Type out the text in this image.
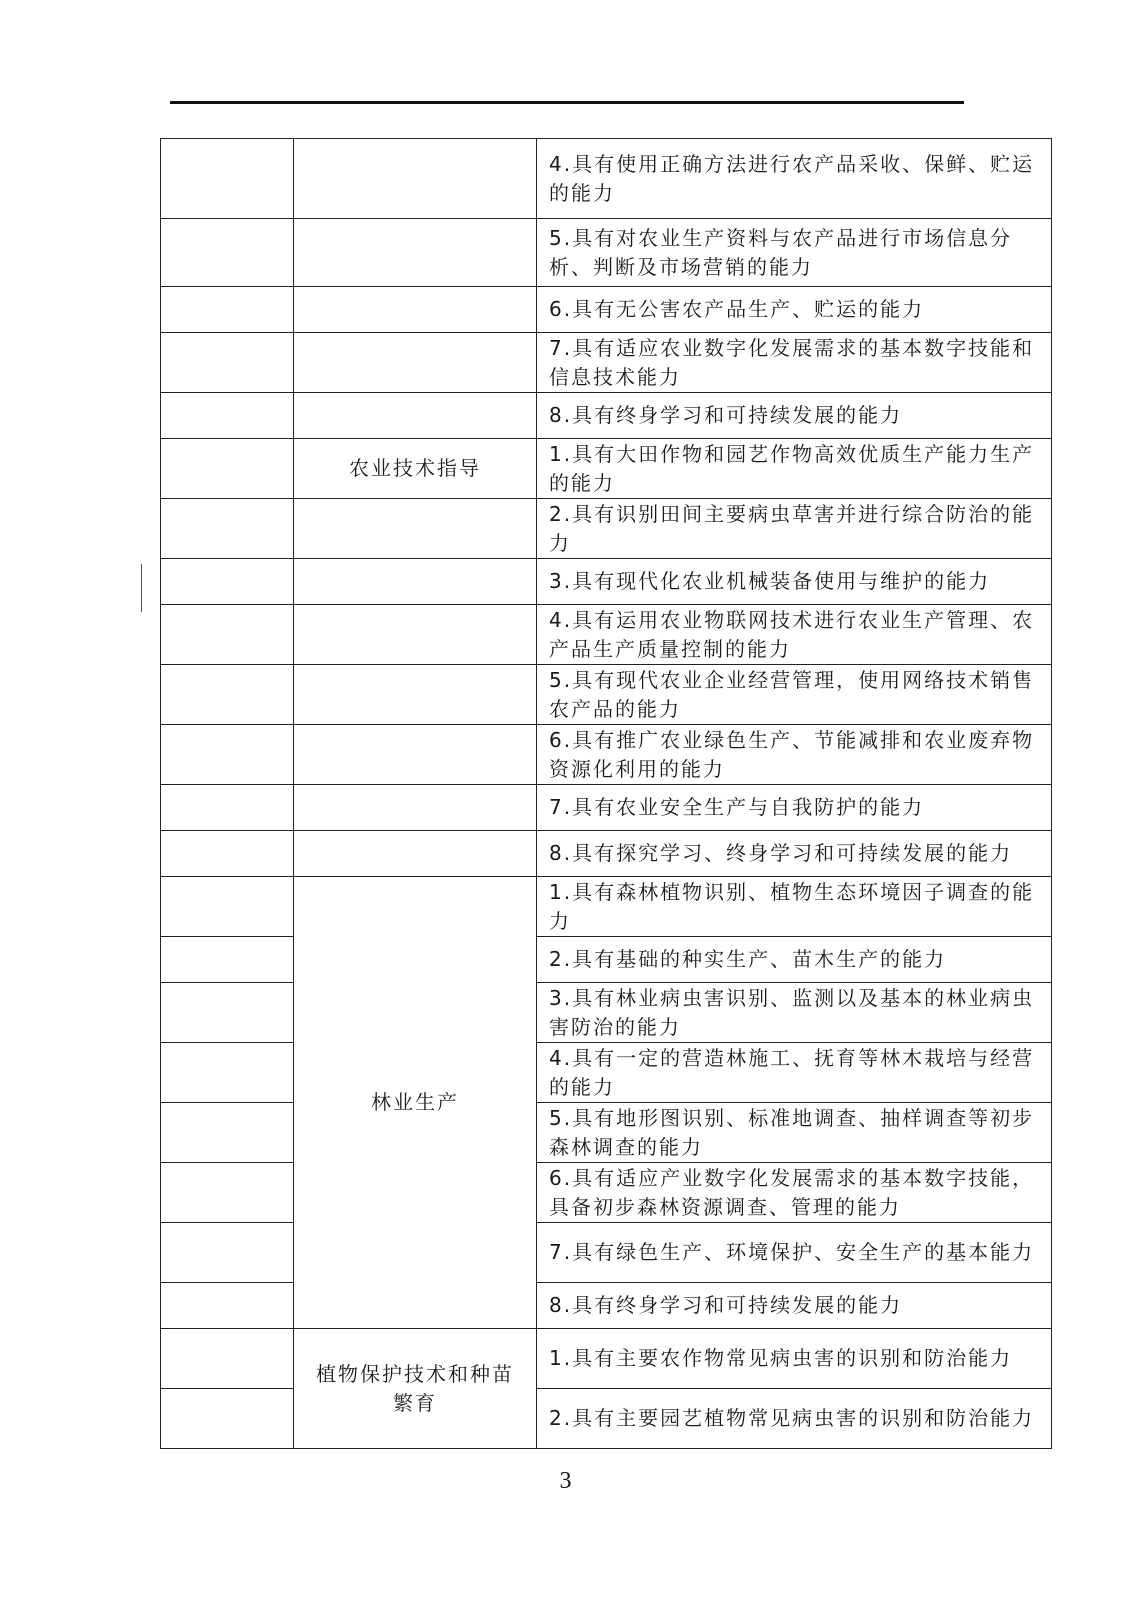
		4.具有使用正确方法进行农产品采收、保鲜、贮运的能力
		5.具有对农业生产资料与农产品进行市场信息分析、判断及市场营销的能力
		6.具有无公害农产品生产、贮运的能力
		7.具有适应农业数字化发展需求的基本数字技能和信息技术能力
		8.具有终身学习和可持续发展的能力
	农业技术指导	1.具有大田作物和园艺作物高效优质生产能力生产的能力
		2.具有识别田间主要病虫草害并进行综合防治的能力
		3.具有现代化农业机械装备使用与维护的能力
		4.具有运用农业物联网技术进行农业生产管理、农产品生产质量控制的能力
		5.具有现代农业企业经营管理，使用网络技术销售农产品的能力
		6.具有推广农业绿色生产、节能减排和农业废弃物资源化利用的能力
		7.具有农业安全生产与自我防护的能力
		8.具有探究学习、终身学习和可持续发展的能力
	林业生产	1.具有森林植物识别、植物生态环境因子调查的能力
		2.具有基础的种实生产、苗木生产的能力
		3.具有林业病虫害识别、监测以及基本的林业病虫害防治的能力
		4.具有一定的营造林施工、抚育等林木栽培与经营的能力
		5.具有地形图识别、标准地调查、抽样调查等初步森林调查的能力
		6.具有适应产业数字化发展需求的基本数字技能，具备初步森林资源调查、管理的能力
		7.具有绿色生产、环境保护、安全生产的基本能力
		8.具有终身学习和可持续发展的能力
	植物保护技术和种苗繁育	1.具有主要农作物常见病虫害的识别和防治能力
		2.具有主要园艺植物常见病虫害的识别和防治能力
3
